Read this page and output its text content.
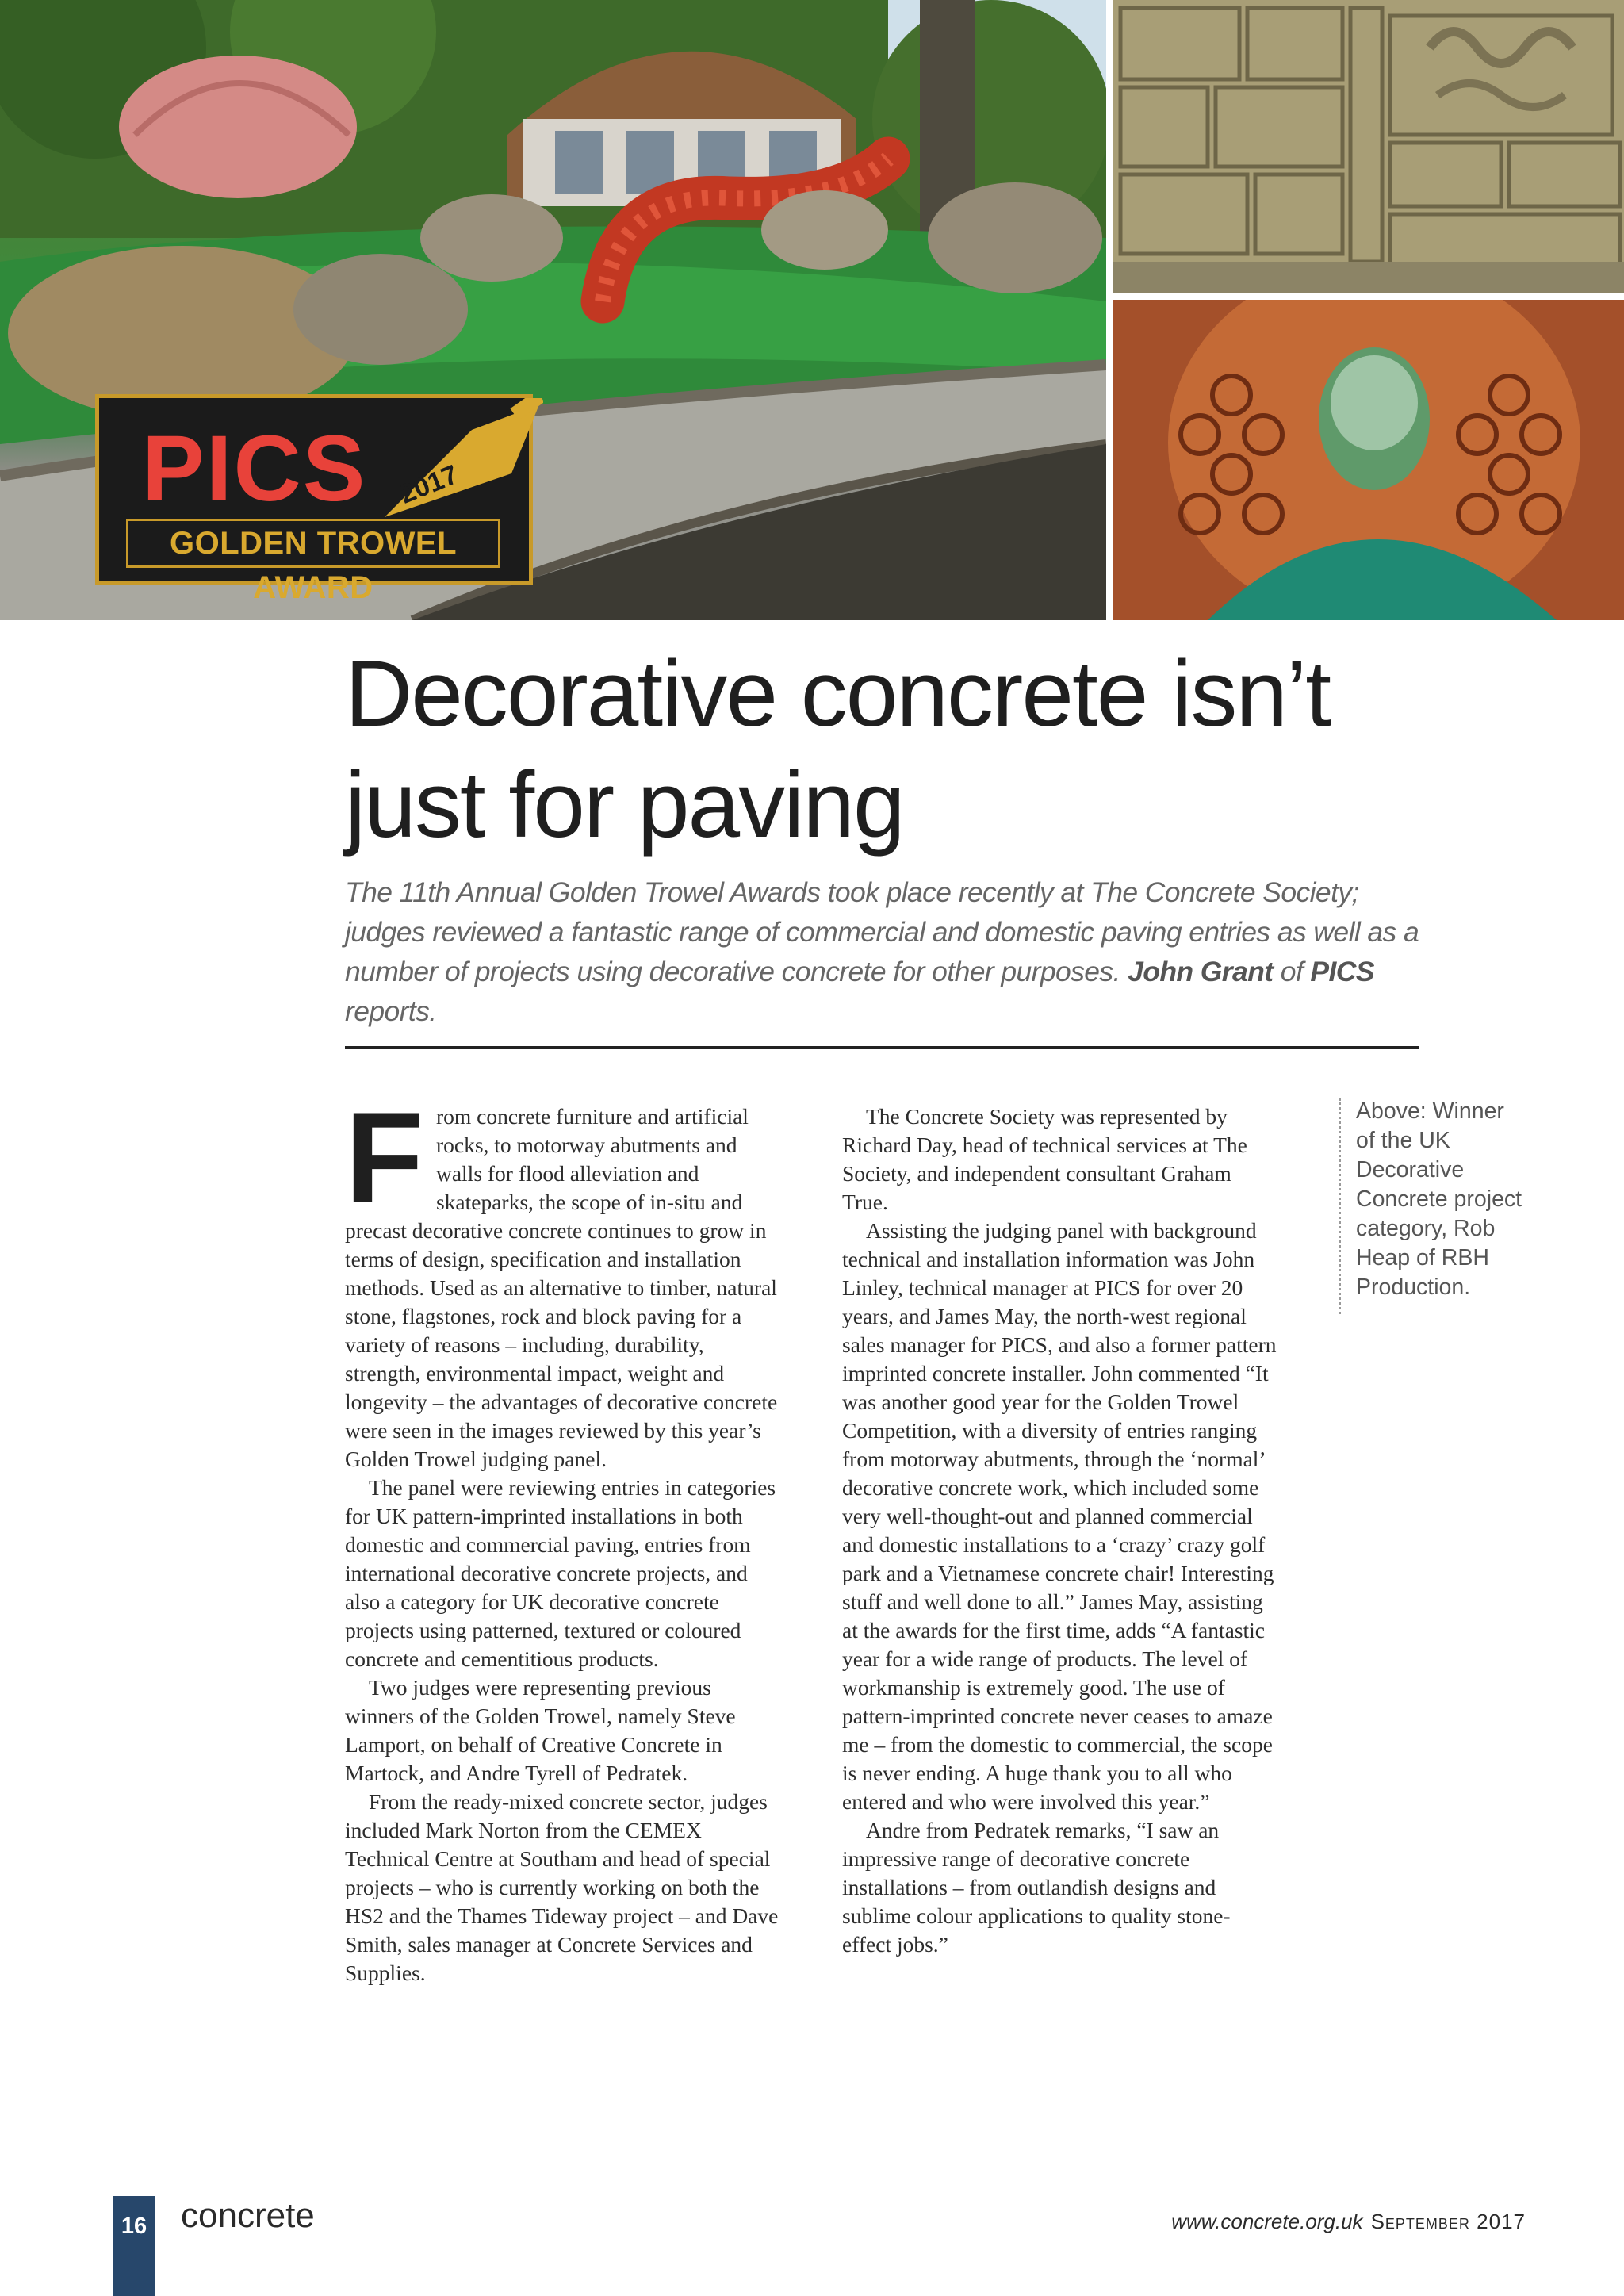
PICS 2017
GOLDEN TROWEL AWARD
Decorative concrete isn’t
just for paving

The 11th Annual Golden Trowel Awards took place recently at The Concrete Society; judges reviewed a fantastic range of commercial and domestic paving entries as well as a number of projects using decorative concrete for other purposes. John Grant of PICS reports.

F rom concrete furniture and artificial rocks, to motorway abutments and walls for flood alleviation and skateparks, the scope of in-situ and precast decorative concrete continues to grow in terms of design, specification and installation methods. Used as an alternative to timber, natural stone, flagstones, rock and block paving for a variety of reasons – including, durability, strength, environmental impact, weight and longevity – the advantages of decorative concrete were seen in the images reviewed by this year’s Golden Trowel judging panel.

The panel were reviewing entries in categories for UK pattern-imprinted installations in both domestic and commercial paving, entries from international decorative concrete projects, and also a category for UK decorative concrete projects using patterned, textured or coloured concrete and cementitious products.

Two judges were representing previous winners of the Golden Trowel, namely Steve Lamport, on behalf of Creative Concrete in Martock, and Andre Tyrell of Pedratek.

From the ready-mixed concrete sector, judges included Mark Norton from the CEMEX Technical Centre at Southam and head of special projects – who is currently working on both the HS2 and the Thames Tideway project – and Dave Smith, sales manager at Concrete Services and Supplies.

The Concrete Society was represented by Richard Day, head of technical services at The Society, and independent consultant Graham True.

Assisting the judging panel with background technical and installation information was John Linley, technical manager at PICS for over 20 years, and James May, the north-west regional sales manager for PICS, and also a former pattern imprinted concrete installer. John commented “It was another good year for the Golden Trowel Competition, with a diversity of entries ranging from motorway abutments, through the ‘normal’ decorative concrete work, which included some very well-thought-out and planned commercial and domestic installations to a ‘crazy’ crazy golf park and a Vietnamese concrete chair! Interesting stuff and well done to all.” James May, assisting at the awards for the first time, adds “A fantastic year for a wide range of products. The level of workmanship is extremely good. The use of pattern-imprinted concrete never ceases to amaze me – from the domestic to commercial, the scope is never ending. A huge thank you to all who entered and who were involved this year.”

Andre from Pedratek remarks, “I saw an impressive range of decorative concrete installations – from outlandish designs and sublime colour applications to quality stone-effect jobs.”

Above: Winner of the UK Decorative Concrete project category, Rob Heap of RBH Production.
16 concrete	www.concrete.org.uk September 2017
